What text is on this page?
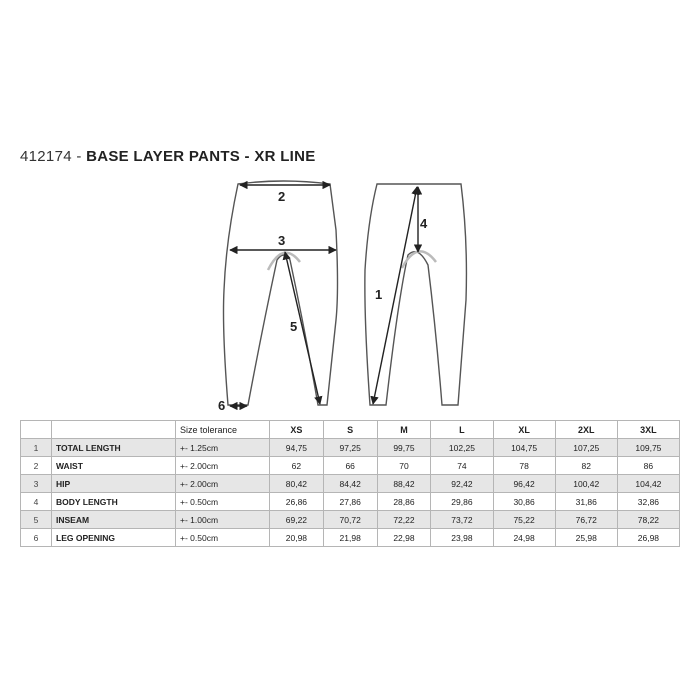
412174 - BASE LAYER PANTS - XR LINE
1
2
3
4
5
6
		Size tolerance	XS	S	M	L	XL	2XL	3XL
1	TOTAL LENGTH	+- 1.25cm	94,75	97,25	99,75	102,25	104,75	107,25	109,75
2	WAIST	+- 2.00cm	62	66	70	74	78	82	86
3	HIP	+- 2.00cm	80,42	84,42	88,42	92,42	96,42	100,42	104,42
4	BODY LENGTH	+- 0.50cm	26,86	27,86	28,86	29,86	30,86	31,86	32,86
5	INSEAM	+- 1.00cm	69,22	70,72	72,22	73,72	75,22	76,72	78,22
6	LEG OPENING	+- 0.50cm	20,98	21,98	22,98	23,98	24,98	25,98	26,98
